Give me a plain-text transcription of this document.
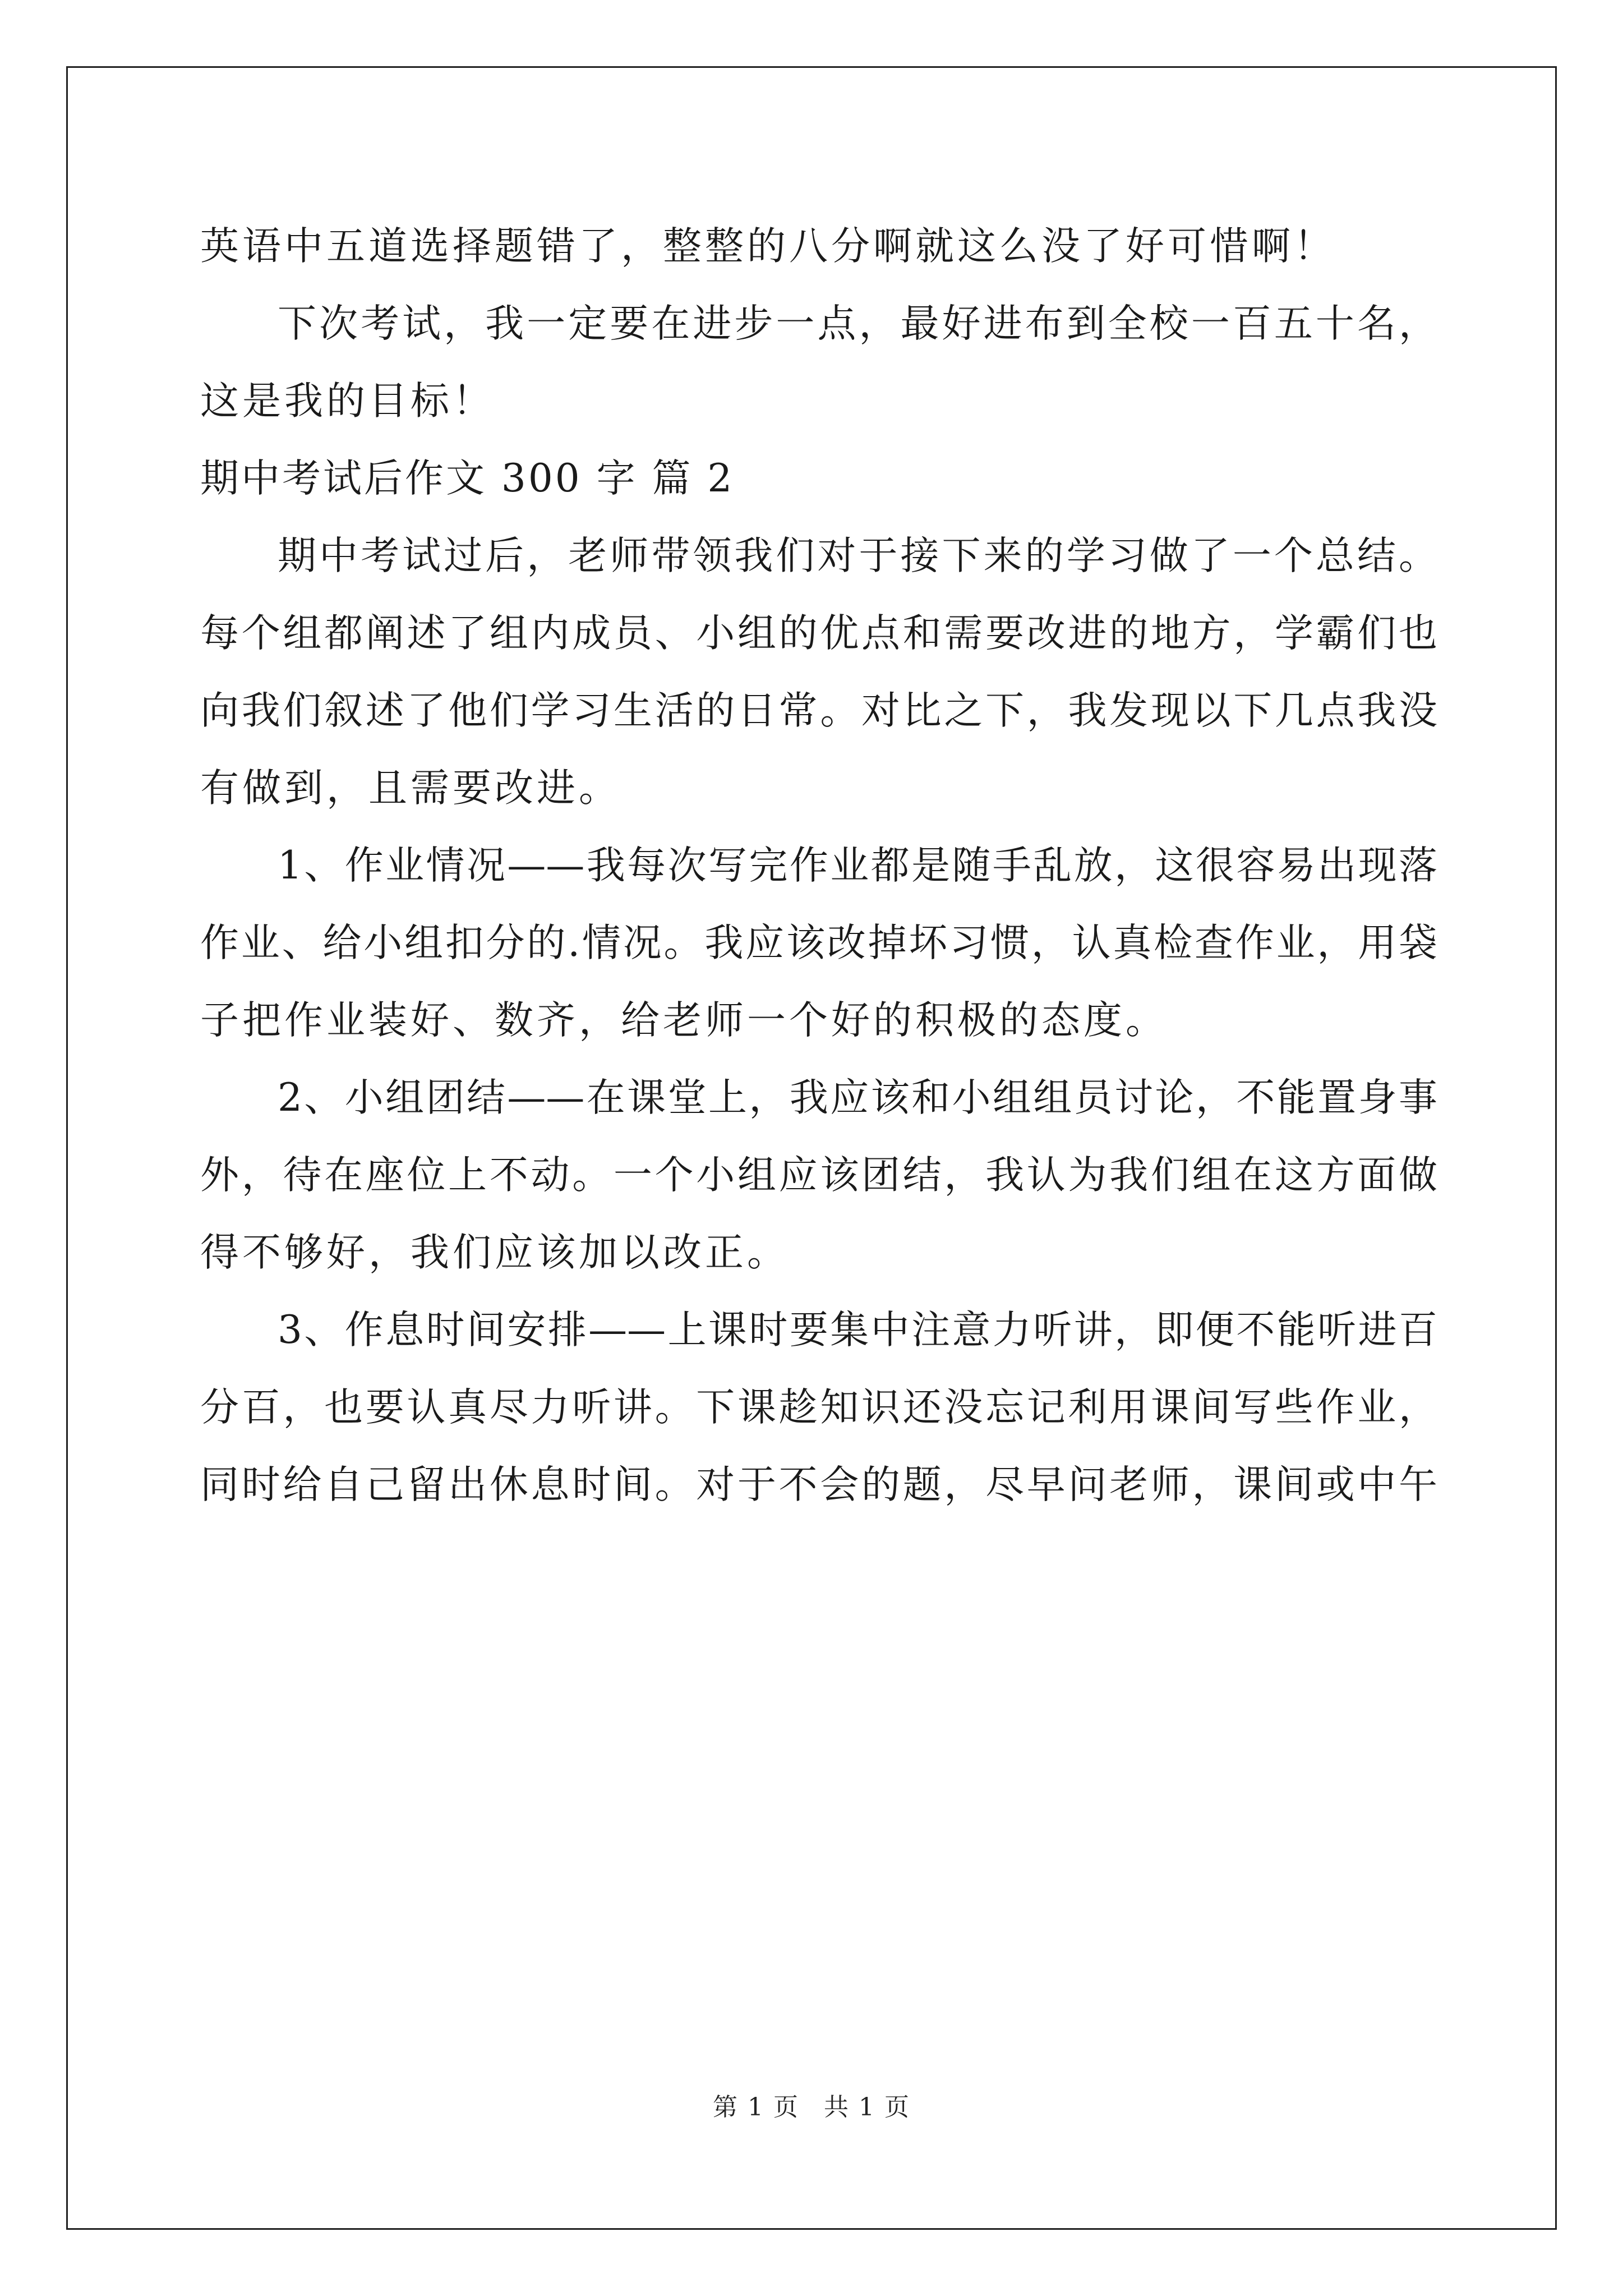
英语中五道选择题错了，整整的八分啊就这么没了好可惜啊！
下次考试，我一定要在进步一点，最好进布到全校一百五十名，
这是我的目标！
期中考试后作文 300 字 篇 2
期中考试过后，老师带领我们对于接下来的学习做了一个总结。
每个组都阐述了组内成员、小组的优点和需要改进的地方，学霸们也
向我们叙述了他们学习生活的日常。对比之下，我发现以下几点我没
有做到，且需要改进。
1、作业情况——我每次写完作业都是随手乱放，这很容易出现落
作业、给小组扣分的.情况。我应该改掉坏习惯，认真检查作业，用袋
子把作业装好、数齐，给老师一个好的积极的态度。
2、小组团结——在课堂上，我应该和小组组员讨论，不能置身事
外，待在座位上不动。一个小组应该团结，我认为我们组在这方面做
得不够好，我们应该加以改正。
3、作息时间安排——上课时要集中注意力听讲，即便不能听进百
分百，也要认真尽力听讲。下课趁知识还没忘记利用课间写些作业，
同时给自己留出休息时间。对于不会的题，尽早问老师，课间或中午
第 1 页 共 1 页
